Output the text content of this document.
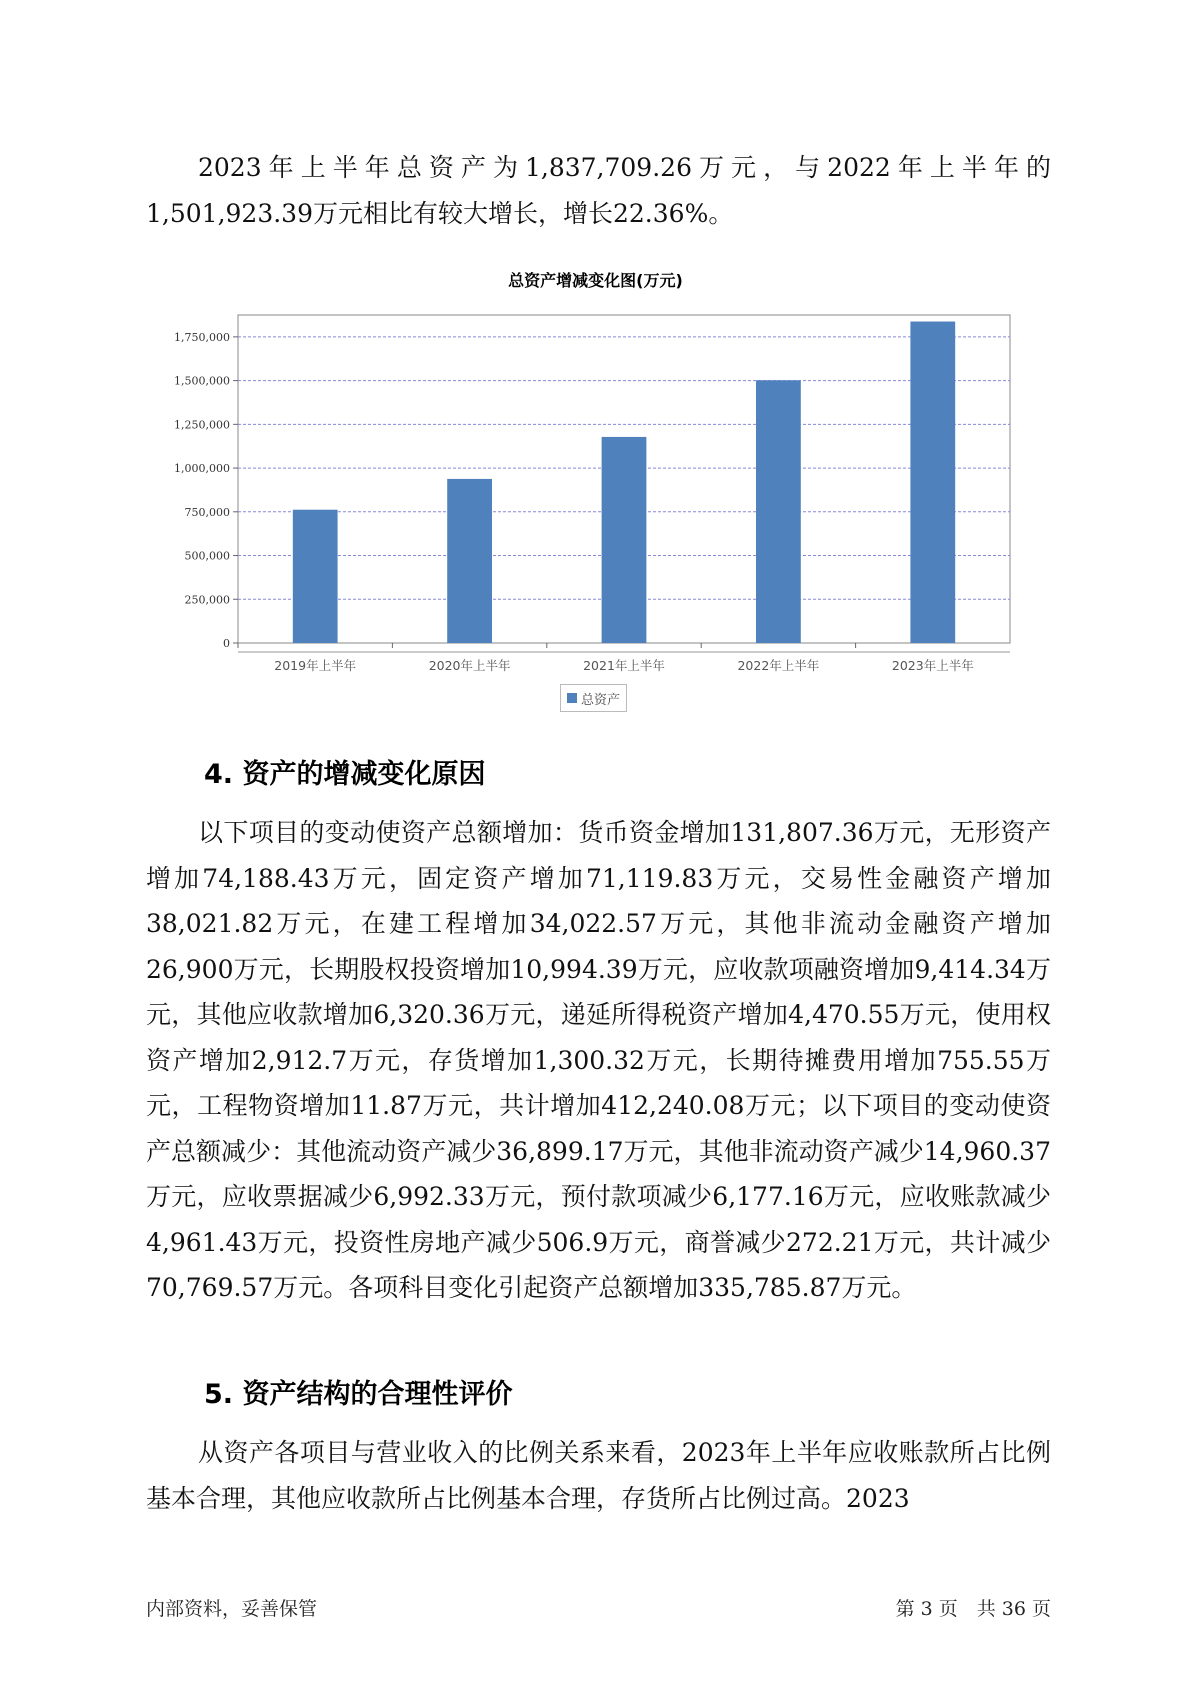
2023年上半年总资产为1,837,709.26万元，与2022年上半年的1,501,923.39万元相比有较大增长，增长22.36%。

总资产增减变化图(万元)
0
250,000
500,000
750,000
1,000,000
1,250,000
1,500,000
1,750,000
2019年上半年	2020年上半年	2021年上半年	2022年上半年	2023年上半年
总资产
4. 资产的增减变化原因

以下项目的变动使资产总额增加：货币资金增加131,807.36万元，无形资产增加74,188.43万元，固定资产增加71,119.83万元，交易性金融资产增加38,021.82万元，在建工程增加34,022.57万元，其他非流动金融资产增加26,900万元，长期股权投资增加10,994.39万元，应收款项融资增加9,414.34万元，其他应收款增加6,320.36万元，递延所得税资产增加4,470.55万元，使用权资产增加2,912.7万元，存货增加1,300.32万元，长期待摊费用增加755.55万元，工程物资增加11.87万元，共计增加412,240.08万元；以下项目的变动使资产总额减少：其他流动资产减少36,899.17万元，其他非流动资产减少14,960.37万元，应收票据减少6,992.33万元，预付款项减少6,177.16万元，应收账款减少4,961.43万元，投资性房地产减少506.9万元，商誉减少272.21万元，共计减少70,769.57万元。各项科目变化引起资产总额增加335,785.87万元。

5. 资产结构的合理性评价

从资产各项目与营业收入的比例关系来看，2023年上半年应收账款所占比例基本合理，其他应收款所占比例基本合理，存货所占比例过高。2023

内部资料，妥善保管	第 3 页　共 36 页
